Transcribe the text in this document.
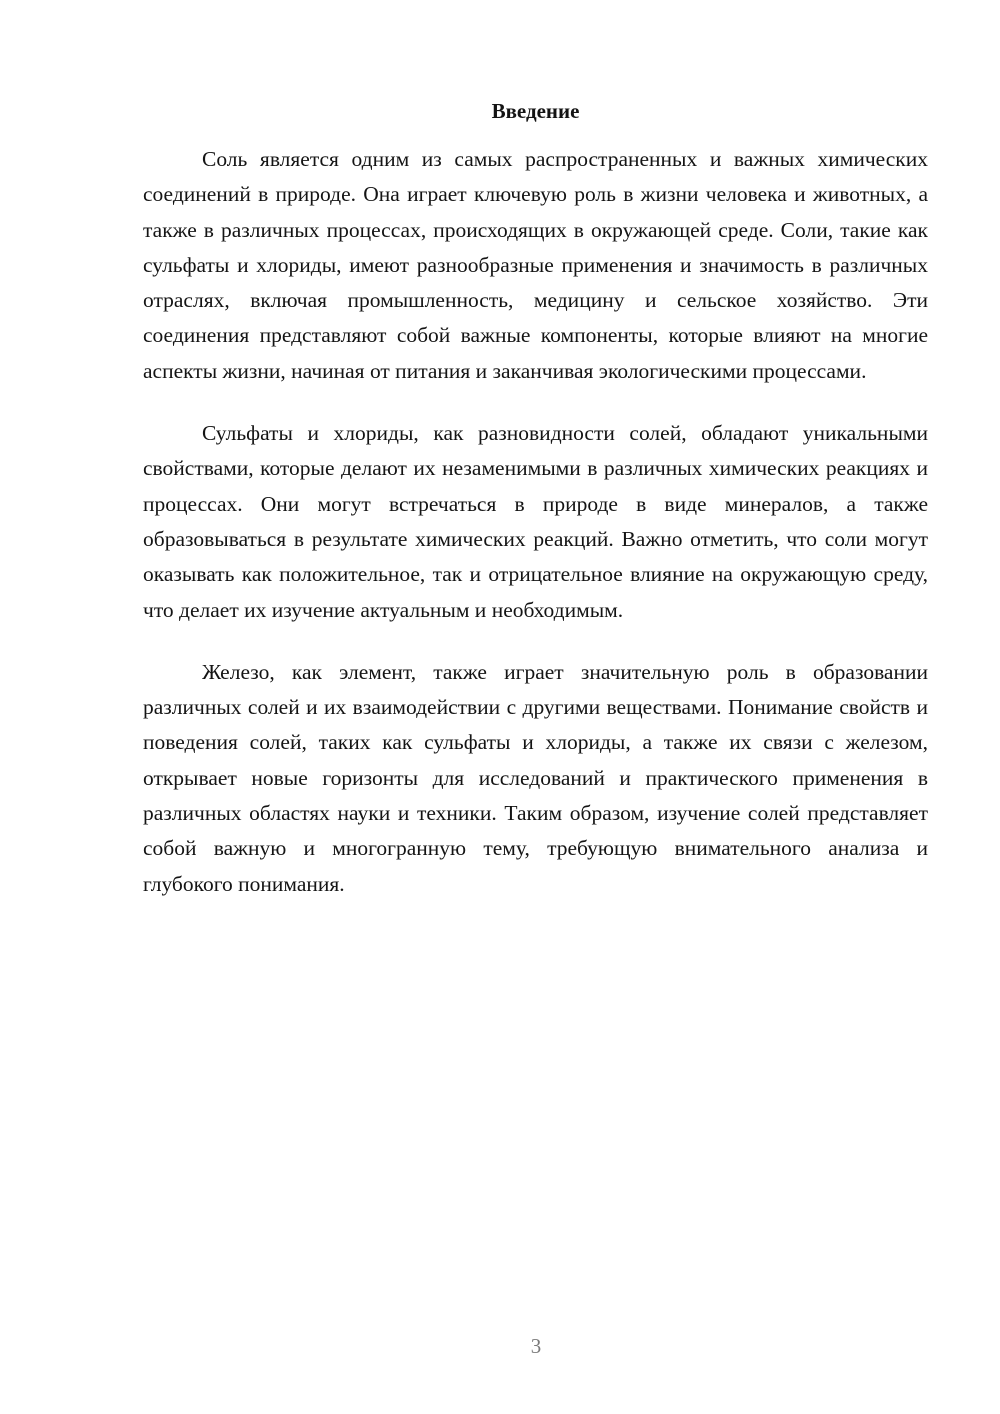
Введение

Соль является одним из самых распространенных и важных химических соединений в природе. Она играет ключевую роль в жизни человека и животных, а также в различных процессах, происходящих в окружающей среде. Соли, такие как сульфаты и хлориды, имеют разнообразные применения и значимость в различных отраслях, включая промышленность, медицину и сельское хозяйство. Эти соединения представляют собой важные компоненты, которые влияют на многие аспекты жизни, начиная от питания и заканчивая экологическими процессами.

Сульфаты и хлориды, как разновидности солей, обладают уникальными свойствами, которые делают их незаменимыми в различных химических реакциях и процессах. Они могут встречаться в природе в виде минералов, а также образовываться в результате химических реакций. Важно отметить, что соли могут оказывать как положительное, так и отрицательное влияние на окружающую среду, что делает их изучение актуальным и необходимым.

Железо, как элемент, также играет значительную роль в образовании различных солей и их взаимодействии с другими веществами. Понимание свойств и поведения солей, таких как сульфаты и хлориды, а также их связи с железом, открывает новые горизонты для исследований и практического применения в различных областях науки и техники. Таким образом, изучение солей представляет собой важную и многогранную тему, требующую внимательного анализа и глубокого понимания.

3
